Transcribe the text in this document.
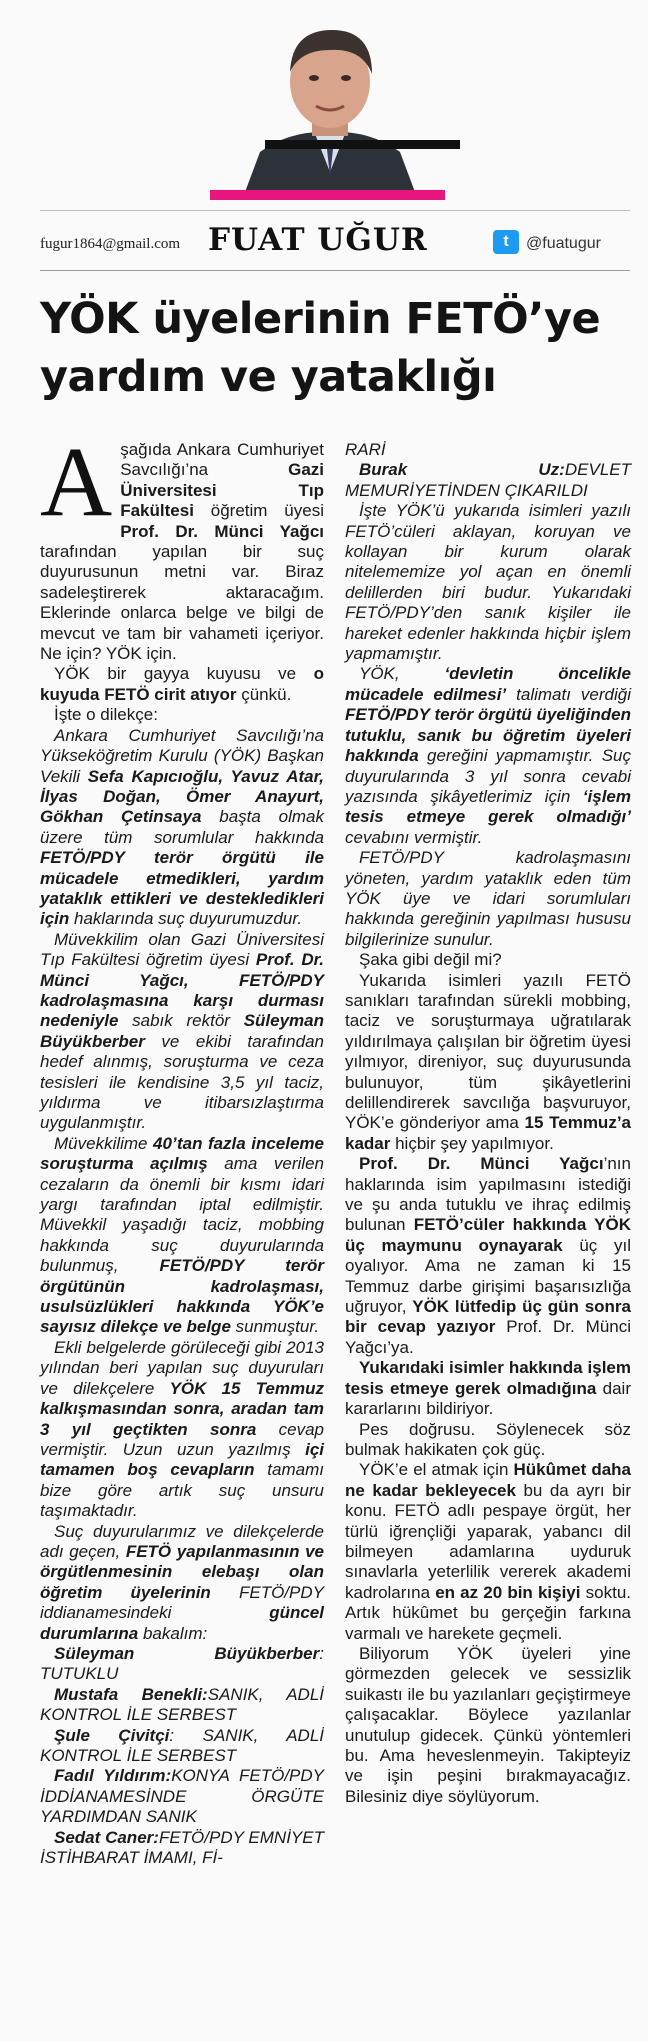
fugur1864@gmail.com FUAT UĞUR	t	@fuatugur
YÖK üyelerinin FETÖ’ye
yardım ve yataklığı

Aşağıda Ankara Cumhuriyet Savcılığı’na Gazi Üniversitesi Tıp Fakültesi öğretim üyesi Prof. Dr. Münci Yağcı tarafından yapılan bir suç duyurusunun metni var. Biraz sadeleştirerek aktaracağım. Eklerinde onlarca belge ve bilgi de mevcut ve tam bir vahameti içeriyor. Ne için? YÖK için.

YÖK bir gayya kuyusu ve o kuyuda FETÖ cirit atıyor çünkü.

İşte o dilekçe:

Ankara Cumhuriyet Savcılığı’na Yükseköğretim Kurulu (YÖK) Başkan Vekili Sefa Kapıcıoğlu, Yavuz Atar, İlyas Doğan, Ömer Anayurt, Gökhan Çetinsaya başta olmak üzere tüm sorumlular hakkında FETÖ/PDY terör örgütü ile mücadele etmedikleri, yardım yataklık ettikleri ve destekledikleri için haklarında suç duyurumuzdur.

Müvekkilim olan Gazi Üniversitesi Tıp Fakültesi öğretim üyesi Prof. Dr. Münci Yağcı, FETÖ/PDY kadrolaşmasına karşı durması nedeniyle sabık rektör Süleyman Büyükberber ve ekibi tarafından hedef alınmış, soruşturma ve ceza tesisleri ile kendisine 3,5 yıl taciz, yıldırma ve itibarsızlaştırma uygulanmıştır.

Müvekkilime 40’tan fazla inceleme soruşturma açılmış ama verilen cezaların da önemli bir kısmı idari yargı tarafından iptal edilmiştir. Müvekkil yaşadığı taciz, mobbing hakkında suç duyurularında bulunmuş, FETÖ/PDY terör örgütünün kadrolaşması, usulsüzlükleri hakkında YÖK’e sayısız dilekçe ve belge sunmuştur.

Ekli belgelerde görüleceği gibi 2013 yılından beri yapılan suç duyuruları ve dilekçelere YÖK 15 Temmuz kalkışmasından sonra, aradan tam 3 yıl geçtikten sonra cevap vermiştir. Uzun uzun yazılmış içi tamamen boş cevapların tamamı bize göre artık suç unsuru taşımaktadır.

Suç duyurularımız ve dilekçelerde adı geçen, FETÖ yapılanmasının ve örgütlenmesinin elebaşı olan öğretim üyelerinin FETÖ/PDY iddianamesindeki güncel durumlarına bakalım:

Süleyman Büyükberber: TUTUKLU

Mustafa Benekli:SANIK, ADLİ KONTROL İLE SERBEST

Şule Çivitçi: SANIK, ADLİ KONTROL İLE SERBEST

Fadıl Yıldırım:KONYA FETÖ/PDY İDDİANAMESİNDE ÖRGÜTE YARDIMDAN SANIK

Sedat Caner:FETÖ/PDY EMNİYET İSTİHBARAT İMAMI, Fİ-

RARİ

Burak Uz:DEVLET MEMURİYETİNDEN ÇIKARILDI

İşte YÖK’ü yukarıda isimleri yazılı FETÖ’cüleri aklayan, koruyan ve kollayan bir kurum olarak nitelememize yol açan en önemli delillerden biri budur. Yukarıdaki FETÖ/PDY’den sanık kişiler ile hareket edenler hakkında hiçbir işlem yapmamıştır.

YÖK, ‘devletin öncelikle mücadele edilmesi’ talimatı verdiği FETÖ/PDY terör örgütü üyeliğinden tutuklu, sanık bu öğretim üyeleri hakkında gereğini yapmamıştır. Suç duyurularında 3 yıl sonra cevabi yazısında şikâyetlerimiz için ‘işlem tesis etmeye gerek olmadığı’ cevabını vermiştir.

FETÖ/PDY kadrolaşmasını yöneten, yardım yataklık eden tüm YÖK üye ve idari sorumluları hakkında gereğinin yapılması hususu bilgilerinize sunulur.

Şaka gibi değil mi?

Yukarıda isimleri yazılı FETÖ sanıkları tarafından sürekli mobbing, taciz ve soruşturmaya uğratılarak yıldırılmaya çalışılan bir öğretim üyesi yılmıyor, direniyor, suç duyurusunda bulunuyor, tüm şikâyetlerini delillendirerek savcılığa başvuruyor, YÖK’e gönderiyor ama 15 Temmuz’a kadar hiçbir şey yapılmıyor.

Prof. Dr. Münci Yağcı’nın haklarında isim yapılmasını istediği ve şu anda tutuklu ve ihraç edilmiş bulunan FETÖ’cüler hakkında YÖK üç maymunu oynayarak üç yıl oyalıyor. Ama ne zaman ki 15 Temmuz darbe girişimi başarısızlığa uğruyor, YÖK lütfedip üç gün sonra bir cevap yazıyor Prof. Dr. Münci Yağcı’ya.

Yukarıdaki isimler hakkında işlem tesis etmeye gerek olmadığına dair kararlarını bildiriyor.

Pes doğrusu. Söylenecek söz bulmak hakikaten çok güç.

YÖK’e el atmak için Hükûmet daha ne kadar bekleyecek bu da ayrı bir konu. FETÖ adlı pespaye örgüt, her türlü iğrençliği yaparak, yabancı dil bilmeyen adamlarına uyduruk sınavlarla yeterlilik vererek akademi kadrolarına en az 20 bin kişiyi soktu. Artık hükûmet bu gerçeğin farkına varmalı ve harekete geçmeli.

Biliyorum YÖK üyeleri yine görmezden gelecek ve sessizlik suikastı ile bu yazılanları geçiştirmeye çalışacaklar. Böylece yazılanlar unutulup gidecek. Çünkü yöntemleri bu. Ama heveslenmeyin. Takipteyiz ve işin peşini bırakmayacağız. Bilesiniz diye söylüyorum.
